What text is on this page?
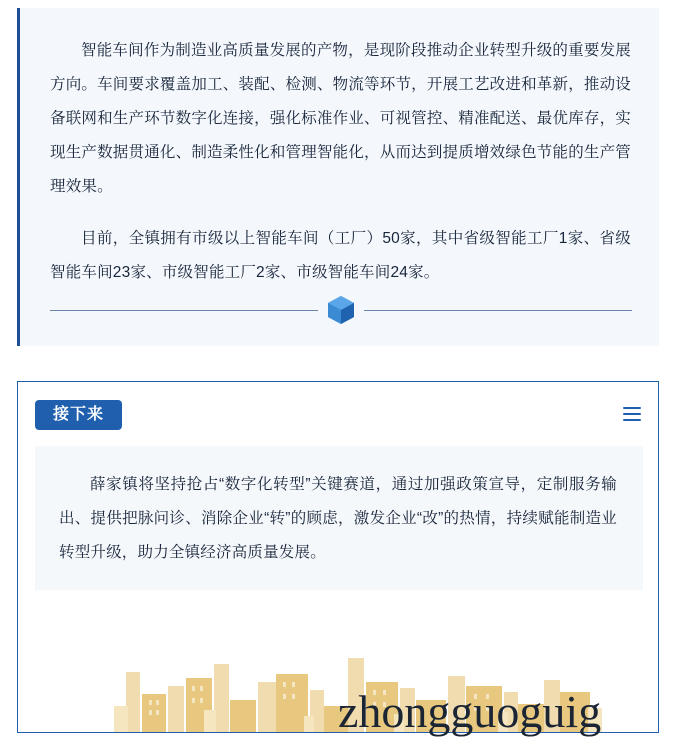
智能车间作为制造业高质量发展的产物，是现阶段推动企业转型升级的重要发展方向。车间要求覆盖加工、装配、检测、物流等环节，开展工艺改进和革新，推动设备联网和生产环节数字化连接，强化标准作业、可视管控、精准配送、最优库存，实现生产数据贯通化、制造柔性化和管理智能化，从而达到提质增效绿色节能的生产管理效果。

目前，全镇拥有市级以上智能车间（工厂）50家，其中省级智能工厂1家、省级智能车间23家、市级智能工厂2家、市级智能车间24家。

接下来

薛家镇将坚持抢占“数字化转型”关键赛道，通过加强政策宣导，定制服务输出、提供把脉问诊、消除企业“转”的顾虑，激发企业“改”的热情，持续赋能制造业转型升级，助力全镇经济高质量发展。

zhongguoguig
